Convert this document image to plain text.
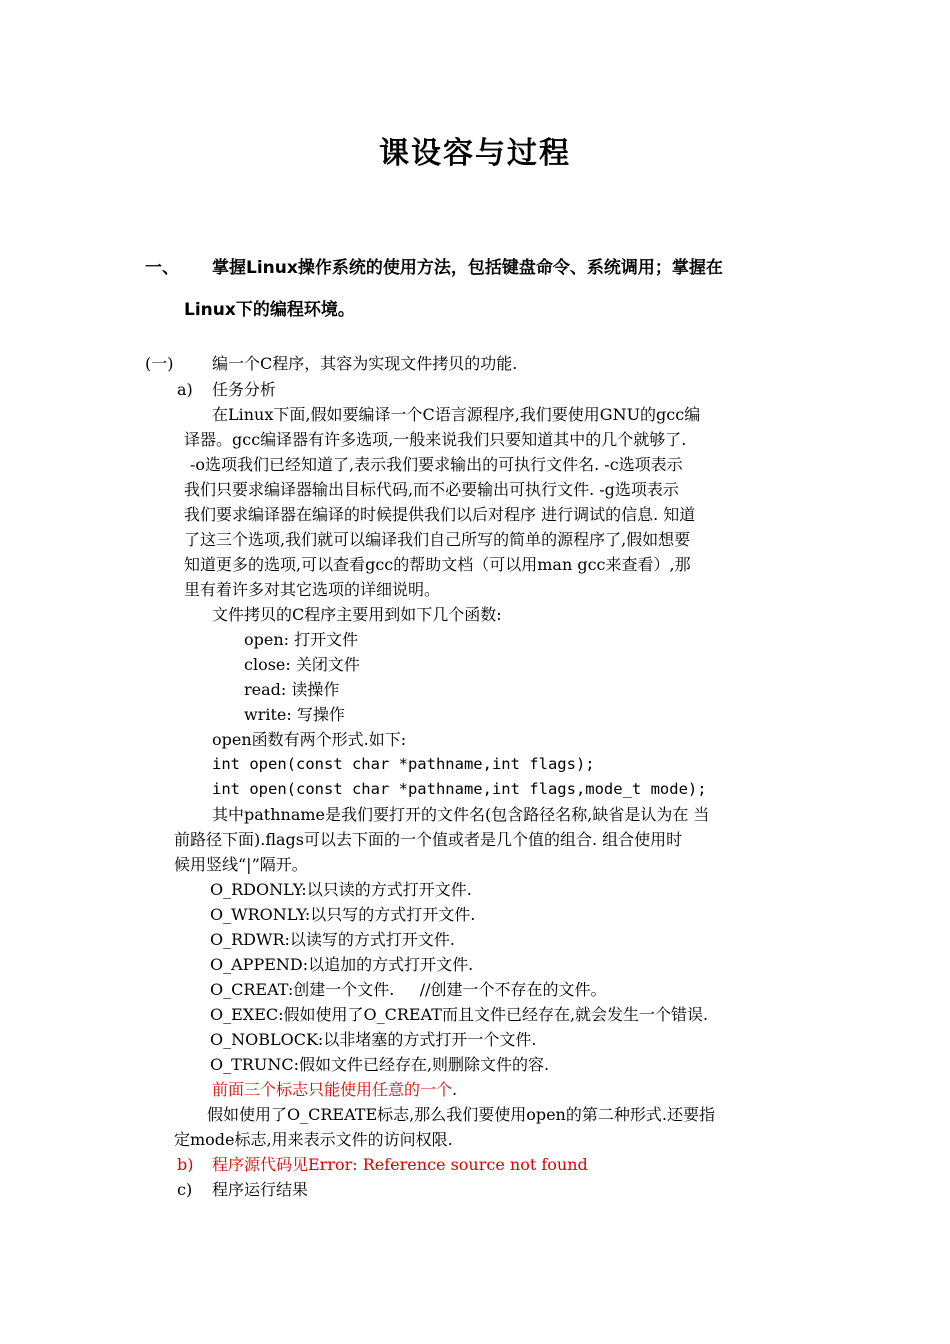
课设容与过程
一、 掌握Linux操作系统的使用方法，包括键盘命令、系统调用；掌握在
Linux下的编程环境。
(一) 编一个C程序，其容为实现文件拷贝的功能.
a) 任务分析
在Linux下面,假如要编译一个C语言源程序,我们要使用GNU的gcc编
译器。gcc编译器有许多选项,一般来说我们只要知道其中的几个就够了.
-o选项我们已经知道了,表示我们要求输出的可执行文件名. -c选项表示
我们只要求编译器输出目标代码,而不必要输出可执行文件. -g选项表示
我们要求编译器在编译的时候提供我们以后对程序 进行调试的信息. 知道
了这三个选项,我们就可以编译我们自己所写的简单的源程序了,假如想要
知道更多的选项,可以查看gcc的帮助文档（可以用man gcc来查看）,那
里有着许多对其它选项的详细说明。
文件拷贝的C程序主要用到如下几个函数:
open: 打开文件
close: 关闭文件
read: 读操作
write: 写操作
open函数有两个形式.如下:
int open(const char *pathname,int flags);
int open(const char *pathname,int flags,mode_t mode);
其中pathname是我们要打开的文件名(包含路径名称,缺省是认为在 当
前路径下面).flags可以去下面的一个值或者是几个值的组合. 组合使用时
候用竖线“|”隔开。
O_RDONLY:以只读的方式打开文件.
O_WRONLY:以只写的方式打开文件.
O_RDWR:以读写的方式打开文件.
O_APPEND:以追加的方式打开文件.
O_CREAT:创建一个文件.     //创建一个不存在的文件。
O_EXEC:假如使用了O_CREAT而且文件已经存在,就会发生一个错误.
O_NOBLOCK:以非堵塞的方式打开一个文件.
O_TRUNC:假如文件已经存在,则删除文件的容.
前面三个标志只能使用任意的一个.
假如使用了O_CREATE标志,那么我们要使用open的第二种形式.还要指
定mode标志,用来表示文件的访问权限.
b) 程序源代码见Error: Reference source not found
c) 程序运行结果
